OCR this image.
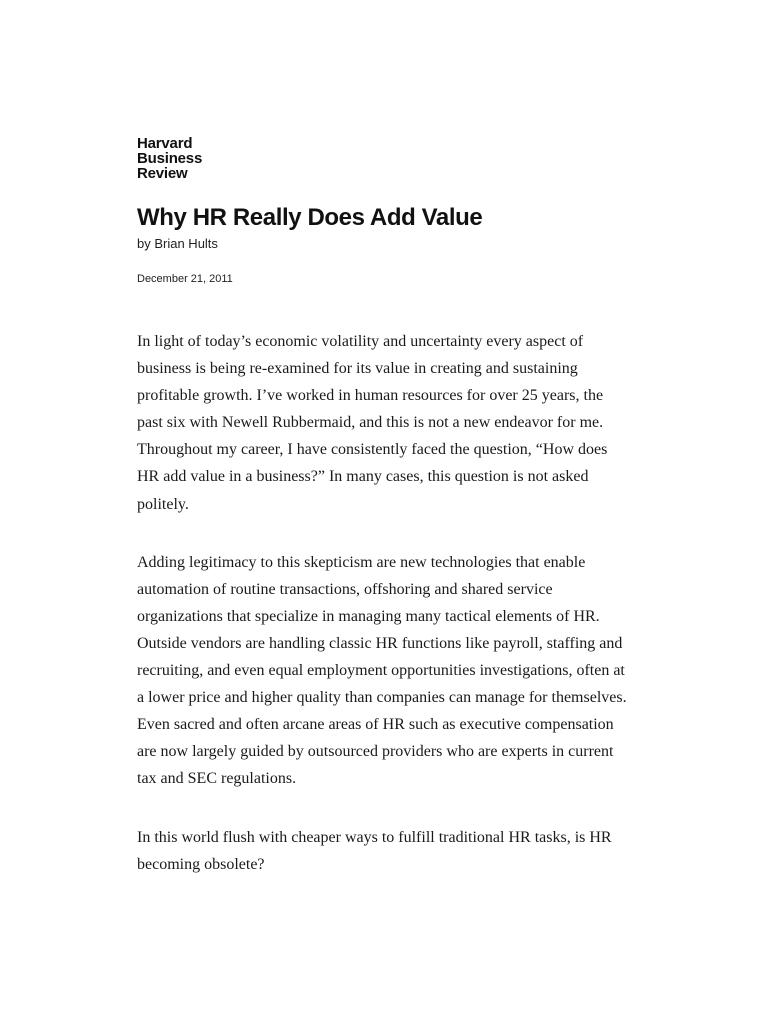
Harvard
Business
Review
Why HR Really Does Add Value
by Brian Hults
December 21, 2011

In light of today’s economic volatility and uncertainty every aspect of business is being re-examined for its value in creating and sustaining profitable growth. I’ve worked in human resources for over 25 years, the past six with Newell Rubbermaid, and this is not a new endeavor for me. Throughout my career, I have consistently faced the question, “How does HR add value in a business?” In many cases, this question is not asked politely.

Adding legitimacy to this skepticism are new technologies that enable automation of routine transactions, offshoring and shared service organizations that specialize in managing many tactical elements of HR. Outside vendors are handling classic HR functions like payroll, staffing and recruiting, and even equal employment opportunities investigations, often at a lower price and higher quality than companies can manage for themselves. Even sacred and often arcane areas of HR such as executive compensation are now largely guided by outsourced providers who are experts in current tax and SEC regulations.

In this world flush with cheaper ways to fulfill traditional HR tasks, is HR becoming obsolete?
